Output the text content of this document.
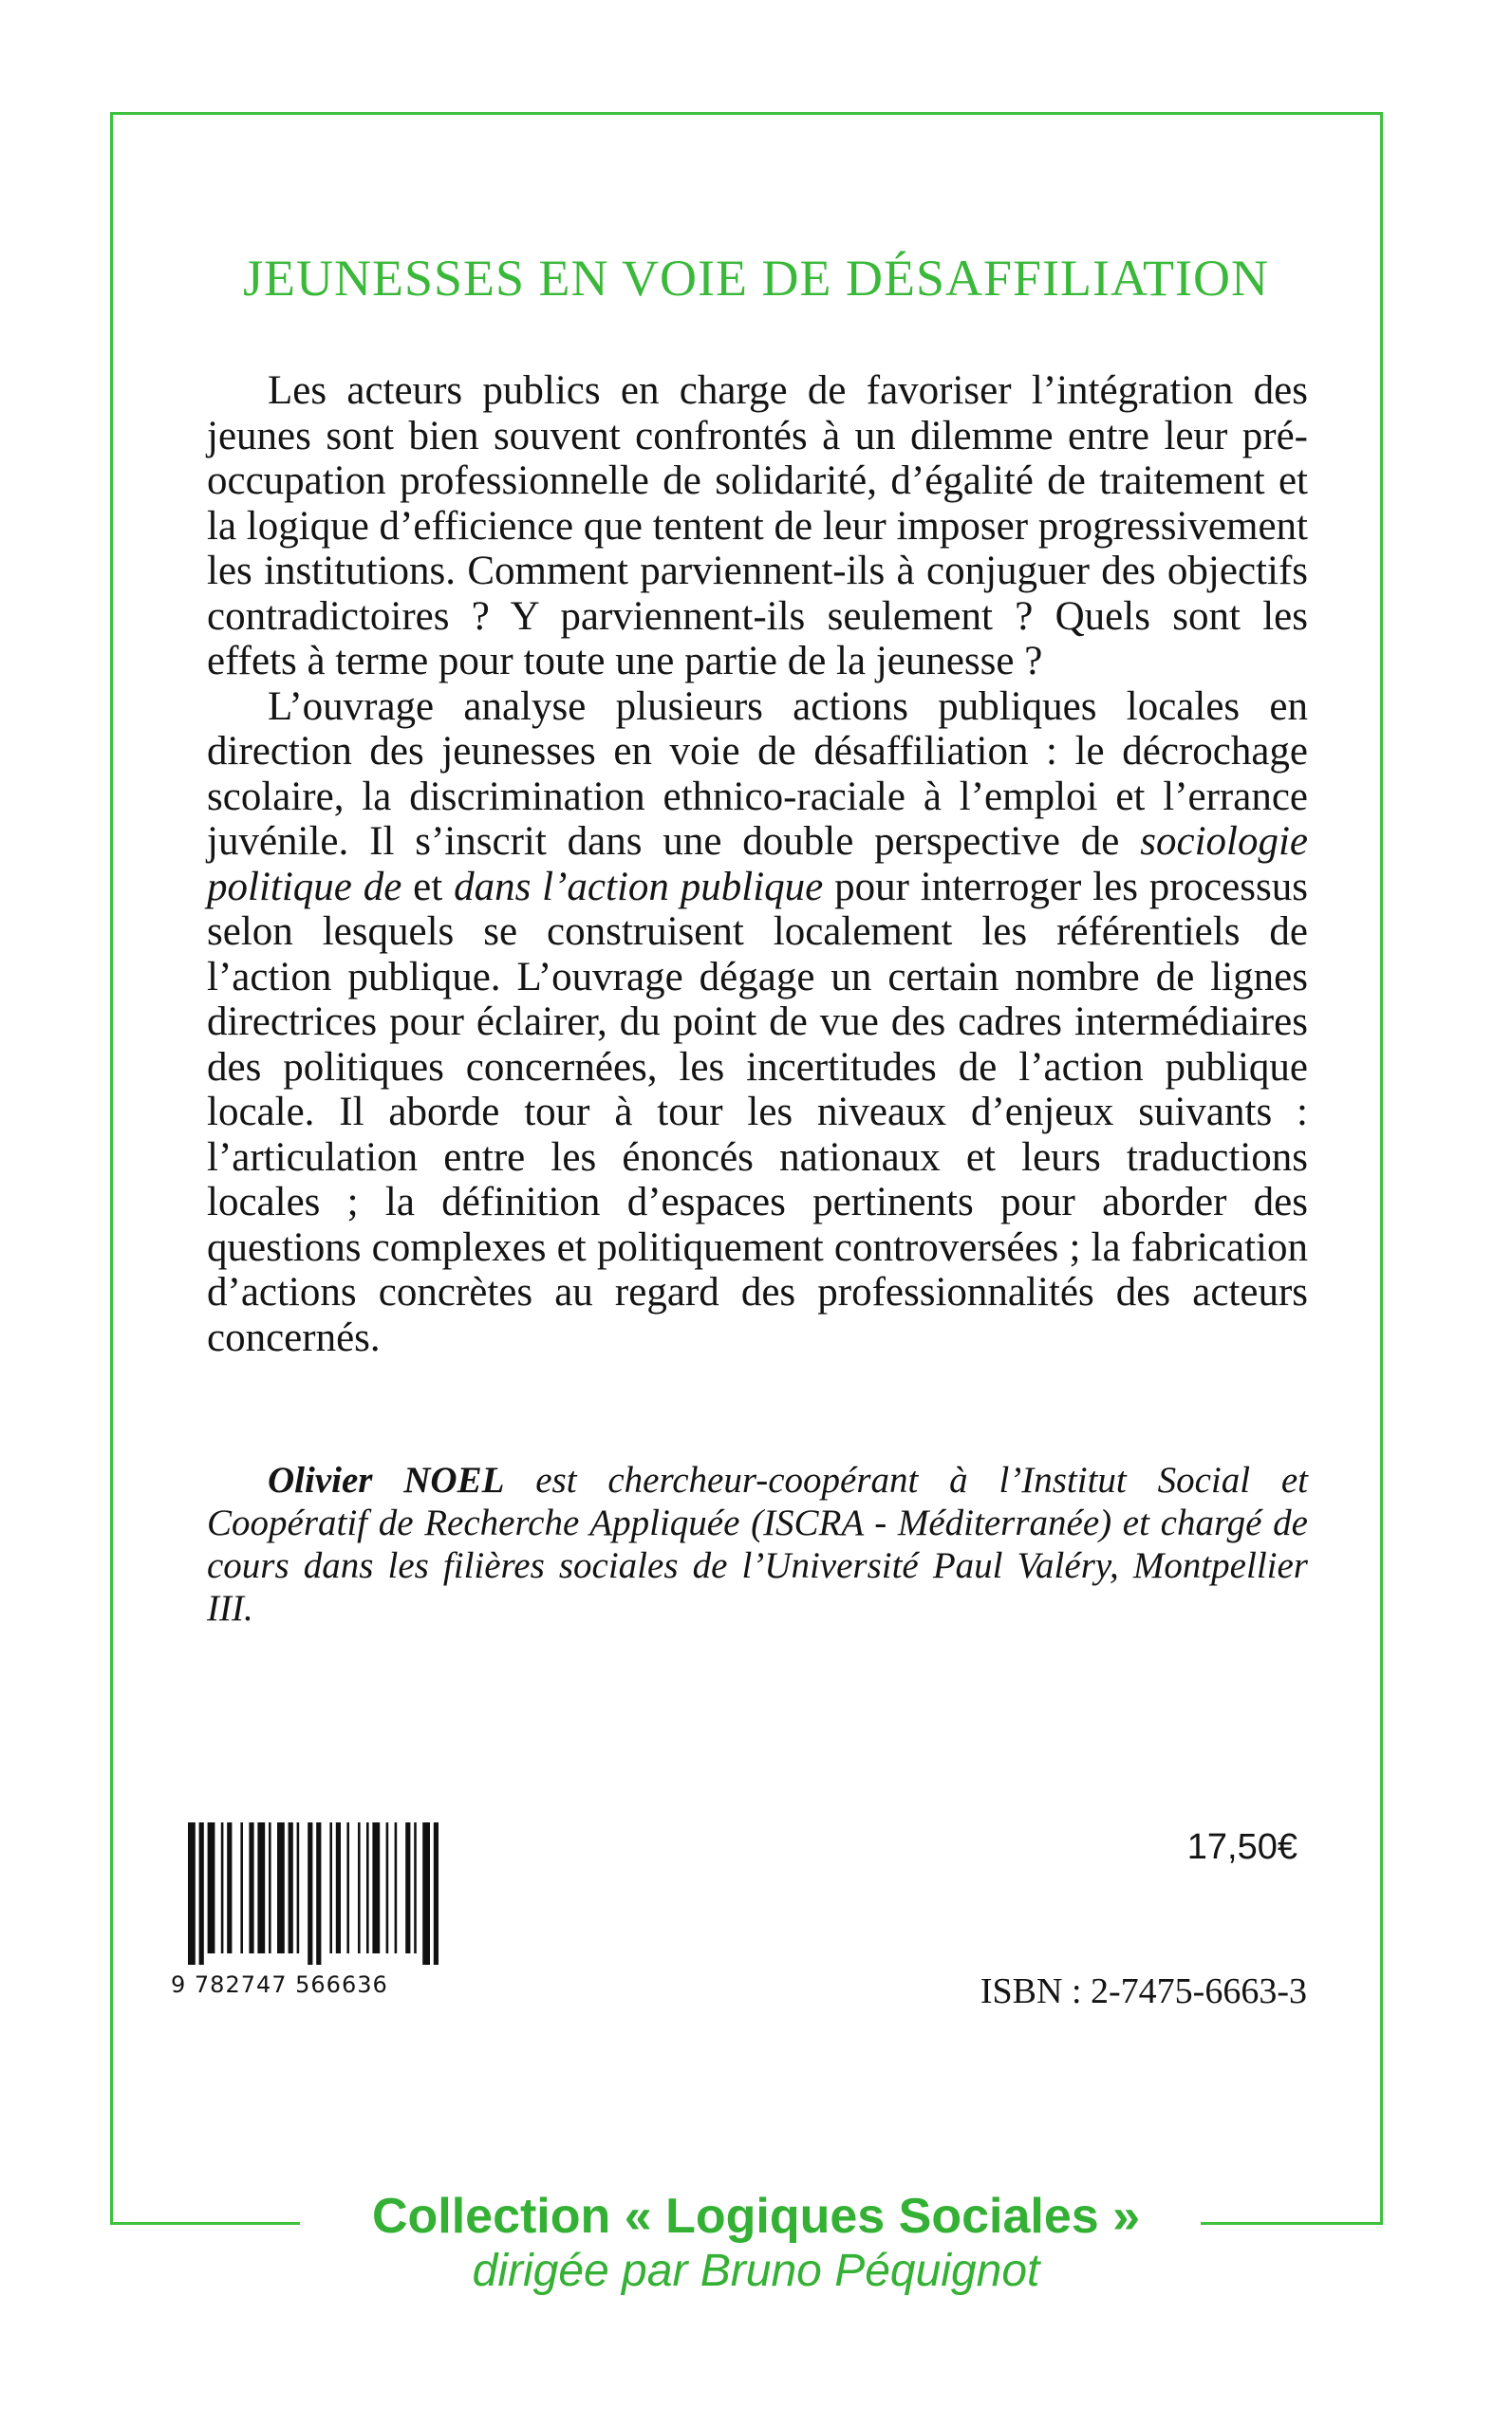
JEUNESSES EN VOIE DE DÉSAFFILIATION

Les acteurs publics en charge de favoriser l’intégration des jeunes sont bien souvent confrontés à un dilemme entre leur préoccupation professionnelle de solidarité, d’égalité de traitement et la logique d’efficience que tentent de leur imposer progressivement les institutions. Comment parviennent-ils à conjuguer des objectifs contradictoires ? Y parviennent-ils seulement ? Quels sont les effets à terme pour toute une partie de la jeunesse ?

L’ouvrage analyse plusieurs actions publiques locales en direction des jeunesses en voie de désaffiliation : le décrochage scolaire, la discrimination ethnico-raciale à l’emploi et l’errance juvénile. Il s’inscrit dans une double perspective de sociologie politique de et dans l’action publique pour interroger les processus selon lesquels se construisent localement les référentiels de l’action publique. L’ouvrage dégage un certain nombre de lignes directrices pour éclairer, du point de vue des cadres intermédiaires des politiques concernées, les incertitudes de l’action publique locale. Il aborde tour à tour les niveaux d’enjeux suivants : l’articulation entre les énoncés nationaux et leurs traductions locales ; la définition d’espaces pertinents pour aborder des questions complexes et politiquement controversées ; la fabrication d’actions concrètes au regard des professionnalités des acteurs concernés.

Olivier NOEL est chercheur-coopérant à l’Institut Social et Coopératif de Recherche Appliquée (ISCRA - Méditerranée) et chargé de cours dans les filières sociales de l’Université Paul Valéry, Montpellier III.

9 782747 566636
17,50€
ISBN : 2-7475-6663-3
Collection « Logiques Sociales »
dirigée par Bruno Péquignot
